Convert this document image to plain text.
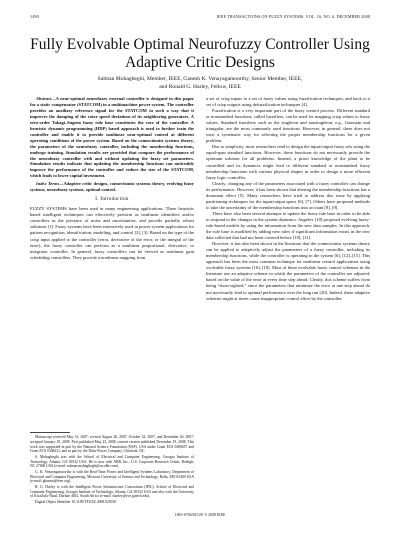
1490	IEEE TRANSACTIONS ON FUZZY SYSTEMS, VOL. 16, NO. 6, DECEMBER 2008
Fully Evolvable Optimal Neurofuzzy Controller Using Adaptive Critic Designs
Salman Mohagheghi, Member, IEEE, Ganesh K. Venayagamoorthy, Senior Member, IEEE,
and Ronald G. Harley, Fellow, IEEE

Abstract—A near-optimal neurofuzzy external controller is designed in this paper for a static compensator (STATCOM) in a multimachine power system. The controller provides an auxiliary reference signal for the STATCOM in such a way that it improves the damping of the rotor speed deviations of its neighboring generators. A zero-order Takagi–Sugeno fuzzy rule base constitutes the core of the controller. A heuristic dynamic programming (HDP) based approach is used to further train the controller and enable it to provide nonlinear near-optimal control at different operating conditions of the power system. Based on the connectionist systems theory, the parameters of the neurofuzzy controller, including the membership functions, undergo training. Simulation results are provided that compare the performance of the neurofuzzy controller with and without updating the fuzzy set parameters. Simulation results indicate that updating the membership functions can noticeably improve the performance of the controller and reduce the size of the STATCOM, which leads to lower capital investment.

Index Terms—Adaptive critic designs, connectionist systems theory, evolving fuzzy systems, neurofuzzy systems, optimal control.

I. Introduction

FUZZY SYSTEMS have been used in many engineering applications. These heuristic based intelligent techniques can effectively perform as nonlinear identifiers and/or controllers in the presence of noise and uncertainties, and provide partially robust solutions [1]. Fuzzy systems have been extensively used in power system applications for pattern recognition, identification, modeling, and control [2], [3]. Based on the type of the crisp input applied to the controller (error, derivative of the error, or the integral of the error), the fuzzy controller can perform as a nonlinear proportional, derivative, or integrator controller. In general, fuzzy controllers can be viewed as nonlinear gain scheduling controllers. They provide a nonlinear mapping from

Manuscript received May 31, 2007; revised August 26, 2007, October 22, 2007, and December 26, 2007; accepted January 19, 2008. First published May 23, 2008; current version published December 19, 2008. This work was supported in part by the National Science Foundation (NSF), USA under Grant ECS 0400657 and Grant ECS 0348221, and in part by the Duke Power Company, Charlotte, NC.

S. Mohagheghi was with the School of Electrical and Computer Engineering, Georgia Institute of Technology, Atlanta, GA 30332 USA. He is now with ABB, Inc., U.S. Corporate Research Center, Raleigh, NC 27606 USA (e-mail: salman.mohagheghi@us.abb.com).

G. K. Venayagamoorthy is with the Real-Time Power and Intelligent Systems Laboratory, Department of Electrical and Computer Engineering, Missouri University of Science and Technology, Rolla, MO 65409 USA (e-mail: gkumar@ieee.org).

R. G. Harley is with the Intelligent Power Infrastructure Consortium (IPIC), School of Electrical and Computer Engineering, Georgia Institute of Technology, Atlanta, GA 30332 USA and also with the University of KwaZulu-Natal, Durban 4041, South Africa (e-mail: rharley@ece.gatech.edu).

Digital Object Identifier 10.1109/TFUZZ.2008.925910

a set of crisp inputs to a set of fuzzy values using fuzzification techniques, and back to a set of crisp outputs using defuzzification techniques [4].

Fuzzification is a very important part of the fuzzy control process. Different standard or nonstandard functions, called fuzzifiers, can be used for mapping crisp values to fuzzy values. Standard fuzzifiers such as the singleton and nonsingleton, e.g., Gaussian and triangular, are the most commonly used functions. However, in general, there does not exist a systematic way for selecting the proper membership functions for a given problem.

Due to simplicity, most researchers tend to design the input/output fuzzy sets using the equal-span standard functions. However, these functions do not necessarily provide the optimum solution for all problems. Instead, a priori knowledge of the plant to be controlled and its dynamics might lead to different standard or nonstandard fuzzy membership functions with various physical shapes in order to design a more efficient fuzzy logic controller.

Clearly, changing any of the parameters associated with a fuzzy controller can change its performance. However, it has been shown that altering the membership functions has a dominant effect [5]. Many researchers have tried to address this issue by applying partitioning techniques for the input/output space [6], [7]. Others have proposed methods to take the uncertainty of the membership functions into account [8], [9].

There have also been several attempts to update the fuzzy rule base in order to be able to respond to the changes in the system dynamics. Angelov [10] proposed evolving fuzzy-rule-based models by using the information from the new data samples. In this approach, the rule base is modified by adding new rules if significant information exists in the new data collected that had not been covered before [10], [11].

However, it has also been shown in the literature that the connectionist systems theory can be applied to adaptively adjust the parameters of a fuzzy controller, including its membership functions, while the controller is operating in the system [6], [12]–[15]. This approach has been the most common technique for nonlinear control applications using evolvable fuzzy systems [16]–[19]. Most of these evolvable fuzzy control schemes in the literature use an adaptive scheme in which the parameters of the controller are adjusted, based on the value of the error at every time step ahead. Clearly, this scheme suffers from being “short-sighted,” since the parameters that minimize the error at one step ahead do not necessarily lead to optimal performance over the long run [20]. Indeed, these adaptive schemes might at times cause inappropriate control effort by the controller.

1063-6706/$25.00 © 2008 IEEE
